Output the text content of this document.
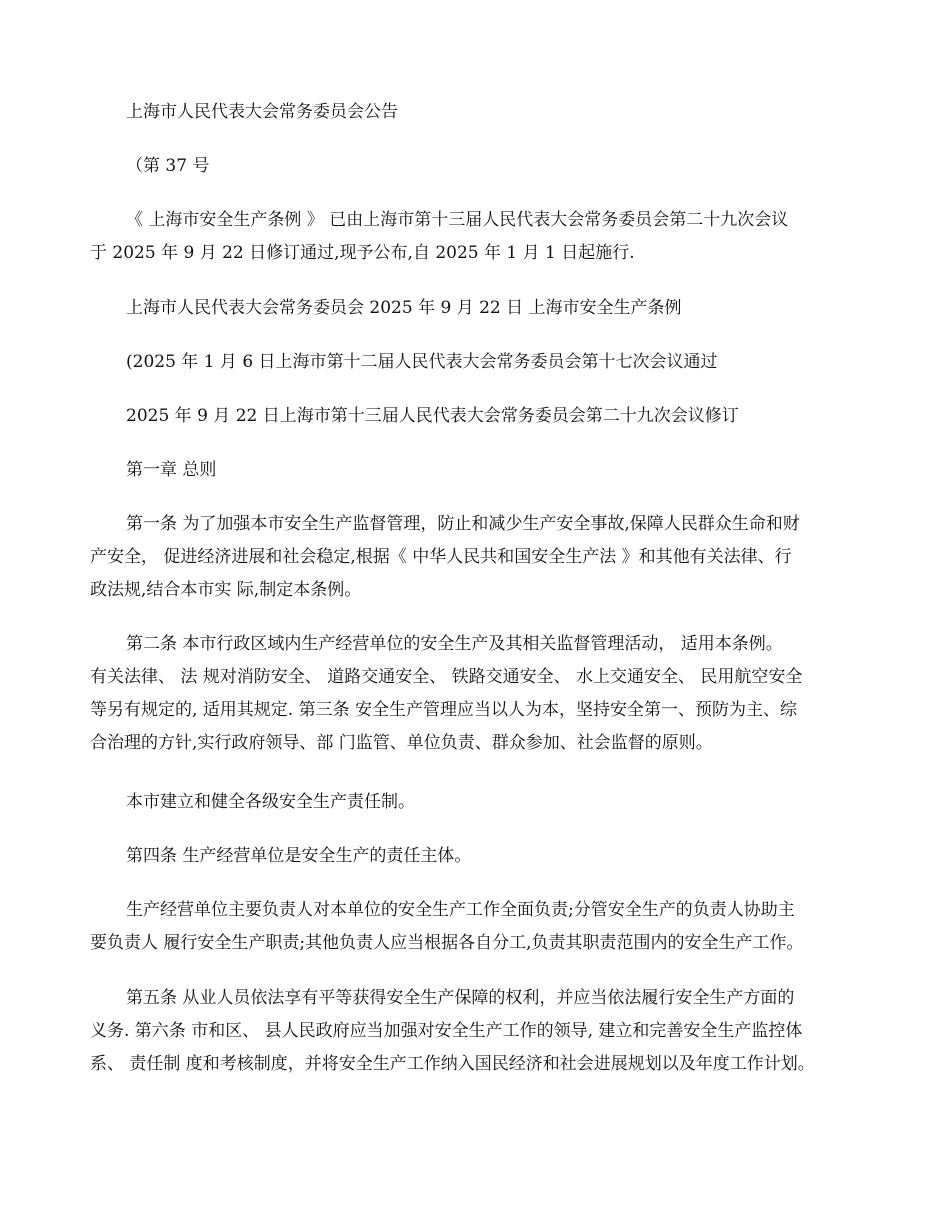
上海市人民代表大会常务委员会公告

（第 37 号

《 上海市安全生产条例 》 已由上海市第十三届人民代表大会常务委员会第二十九次会议
于 2025 年 9 月 22 日修订通过,现予公布,自 2025 年 1 月 1 日起施行.

上海市人民代表大会常务委员会 2025 年 9 月 22 日 上海市安全生产条例

(2025 年 1 月 6 日上海市第十二届人民代表大会常务委员会第十七次会议通过

2025 年 9 月 22 日上海市第十三届人民代表大会常务委员会第二十九次会议修订

第一章 总则

第一条 为了加强本市安全生产监督管理，防止和减少生产安全事故,保障人民群众生命和财
产安全， 促进经济进展和社会稳定,根据《 中华人民共和国安全生产法 》和其他有关法律、行
政法规,结合本市实 际,制定本条例。

第二条 本市行政区域内生产经营单位的安全生产及其相关监督管理活动， 适用本条例。
有关法律、 法 规对消防安全、 道路交通安全、 铁路交通安全、 水上交通安全、 民用航空安全
等另有规定的, 适用其规定. 第三条 安全生产管理应当以人为本，坚持安全第一、预防为主、综
合治理的方针,实行政府领导、部 门监管、单位负责、群众参加、社会监督的原则。

本市建立和健全各级安全生产责任制。

第四条 生产经营单位是安全生产的责任主体。

生产经营单位主要负责人对本单位的安全生产工作全面负责;分管安全生产的负责人协助主
要负责人 履行安全生产职责;其他负责人应当根据各自分工,负责其职责范围内的安全生产工作。

第五条 从业人员依法享有平等获得安全生产保障的权利，并应当依法履行安全生产方面的
义务. 第六条 市和区、 县人民政府应当加强对安全生产工作的领导, 建立和完善安全生产监控体
系、 责任制 度和考核制度，并将安全生产工作纳入国民经济和社会进展规划以及年度工作计划。
